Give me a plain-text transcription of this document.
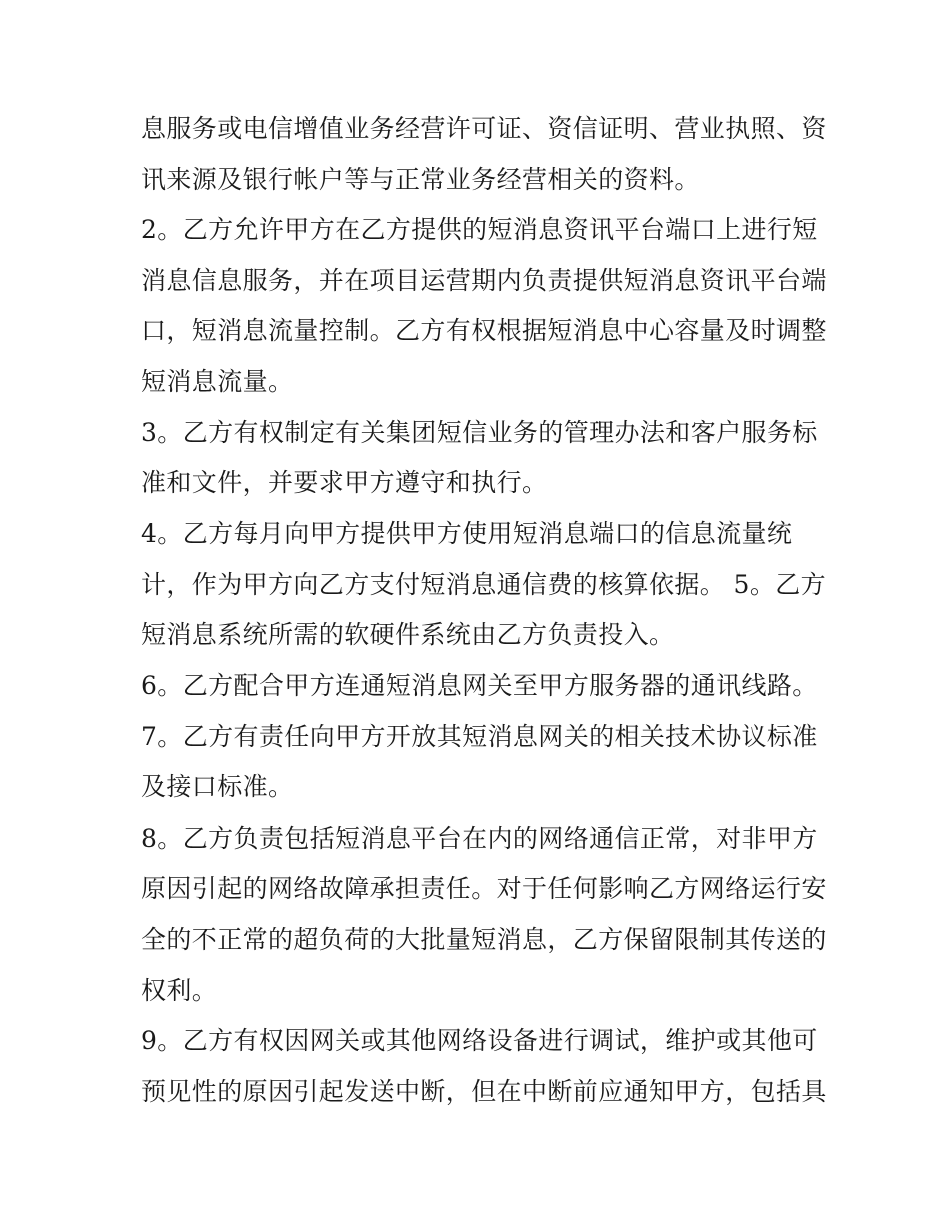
息服务或电信增值业务经营许可证、资信证明、营业执照、资
讯来源及银行帐户等与正常业务经营相关的资料。
2。乙方允许甲方在乙方提供的短消息资讯平台端口上进行短
消息信息服务，并在项目运营期内负责提供短消息资讯平台端
口，短消息流量控制。乙方有权根据短消息中心容量及时调整
短消息流量。
3。乙方有权制定有关集团短信业务的管理办法和客户服务标
准和文件，并要求甲方遵守和执行。
4。乙方每月向甲方提供甲方使用短消息端口的信息流量统
计，作为甲方向乙方支付短消息通信费的核算依据。 5。乙方
短消息系统所需的软硬件系统由乙方负责投入。
6。乙方配合甲方连通短消息网关至甲方服务器的通讯线路。
7。乙方有责任向甲方开放其短消息网关的相关技术协议标准
及接口标准。
8。乙方负责包括短消息平台在内的网络通信正常，对非甲方
原因引起的网络故障承担责任。对于任何影响乙方网络运行安
全的不正常的超负荷的大批量短消息，乙方保留限制其传送的
权利。
9。乙方有权因网关或其他网络设备进行调试，维护或其他可
预见性的原因引起发送中断，但在中断前应通知甲方，包括具
